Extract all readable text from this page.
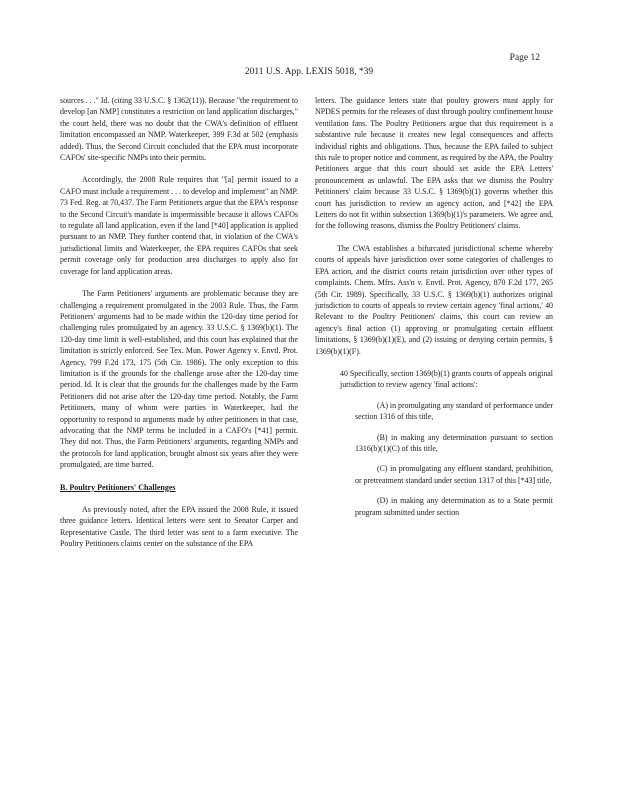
Page 12
2011 U.S. App. LEXIS 5018, *39

sources . . ." Id. (citing 33 U.S.C. § 1362(11)). Because "the requirement to develop [an NMP] constitutes a restriction on land application discharges," the court held, there was no doubt that the CWA's definition of effluent limitation encompassed an NMP. Waterkeeper, 399 F.3d at 502 (emphasis added). Thus, the Second Circuit concluded that the EPA must incorporate CAFOs' site-specific NMPs into their permits.

Accordingly, the 2008 Rule requires that "[a] permit issued to a CAFO must include a requirement . . . to develop and implement" an NMP. 73 Fed. Reg. at 70,437. The Farm Petitioners argue that the EPA's response to the Second Circuit's mandate is impermissible because it allows CAFOs to regulate all land application, even if the land [*40] application is applied pursuant to an NMP. They further contend that, in violation of the CWA's jurisdictional limits and Waterkeeper, the EPA requires CAFOs that seek permit coverage only for production area discharges to apply also for coverage for land application areas.

The Farm Petitioners' arguments are problematic because they are challenging a requirement promulgated in the 2003 Rule. Thus, the Farm Petitioners' arguments had to be made within the 120-day time period for challenging rules promulgated by an agency. 33 U.S.C. § 1369(b)(1). The 120-day time limit is well-established, and this court has explained that the limitation is strictly enforced. See Tex. Mun. Power Agency v. Envtl. Prot. Agency, 799 F.2d 173, 175 (5th Cir. 1986). The only exception to this limitation is if the grounds for the challenge arose after the 120-day time period. Id. It is clear that the grounds for the challenges made by the Farm Petitioners did not arise after the 120-day time period. Notably, the Farm Petitioners, many of whom were parties in Waterkeeper, had the opportunity to respond to arguments made by other petitioners in that case, advocating that the NMP terms be included in a CAFO's [*41] permit. They did not. Thus, the Farm Petitioners' arguments, regarding NMPs and the protocols for land application, brought almost six years after they were promulgated, are time barred.

B. Poultry Petitioners' Challenges

As previously noted, after the EPA issued the 2008 Rule, it issued three guidance letters. Identical letters were sent to Senator Carper and Representative Castle. The third letter was sent to a farm executive. The Poultry Petitioners claims center on the substance of the EPA

letters. The guidance letters state that poultry growers must apply for NPDES permits for the releases of dust through poultry confinement house ventilation fans. The Poultry Petitioners argue that this requirement is a substantive rule because it creates new legal consequences and affects individual rights and obligations. Thus, because the EPA failed to subject this rule to proper notice and comment, as required by the APA, the Poultry Petitioners argue that this court should set aside the EPA Letters' pronouncement as unlawful. The EPA asks that we dismiss the Poultry Petitioners' claim because 33 U.S.C. § 1369(b)(1) governs whether this court has jurisdiction to review an agency action, and [*42] the EPA Letters do not fit within subsection 1369(b)(1)'s parameters. We agree and, for the following reasons, dismiss the Poultry Petitioners' claims.

The CWA establishes a bifurcated jurisdictional scheme whereby courts of appeals have jurisdiction over some categories of challenges to EPA action, and the district courts retain jurisdiction over other types of complaints. Chem. Mfrs. Ass'n v. Envtl. Prot. Agency, 870 F.2d 177, 265 (5th Cir. 1989). Specifically, 33 U.S.C. § 1369(b)(1) authorizes original jurisdiction to courts of appeals to review certain agency 'final actions,' 40 Relevant to the Poultry Petitioners' claims, this court can review an agency's final action (1) approving or promulgating certain effluent limitations, § 1369(b)(1)(E), and (2) issuing or denying certain permits, § 1369(b)(1)(F).

40 Specifically, section 1369(b)(1) grants courts of appeals original jurisdiction to review agency 'final actions':
(A) in promulgating any standard of performance under section 1316 of this title,
(B) in making any determination pursuant to section 1316(b)(1)(C) of this title,
(C) in promulgating any effluent standard, prohibition, or pretreatment standard under section 1317 of this [*43] title,
(D) in making any determination as to a State permit program submitted under section
